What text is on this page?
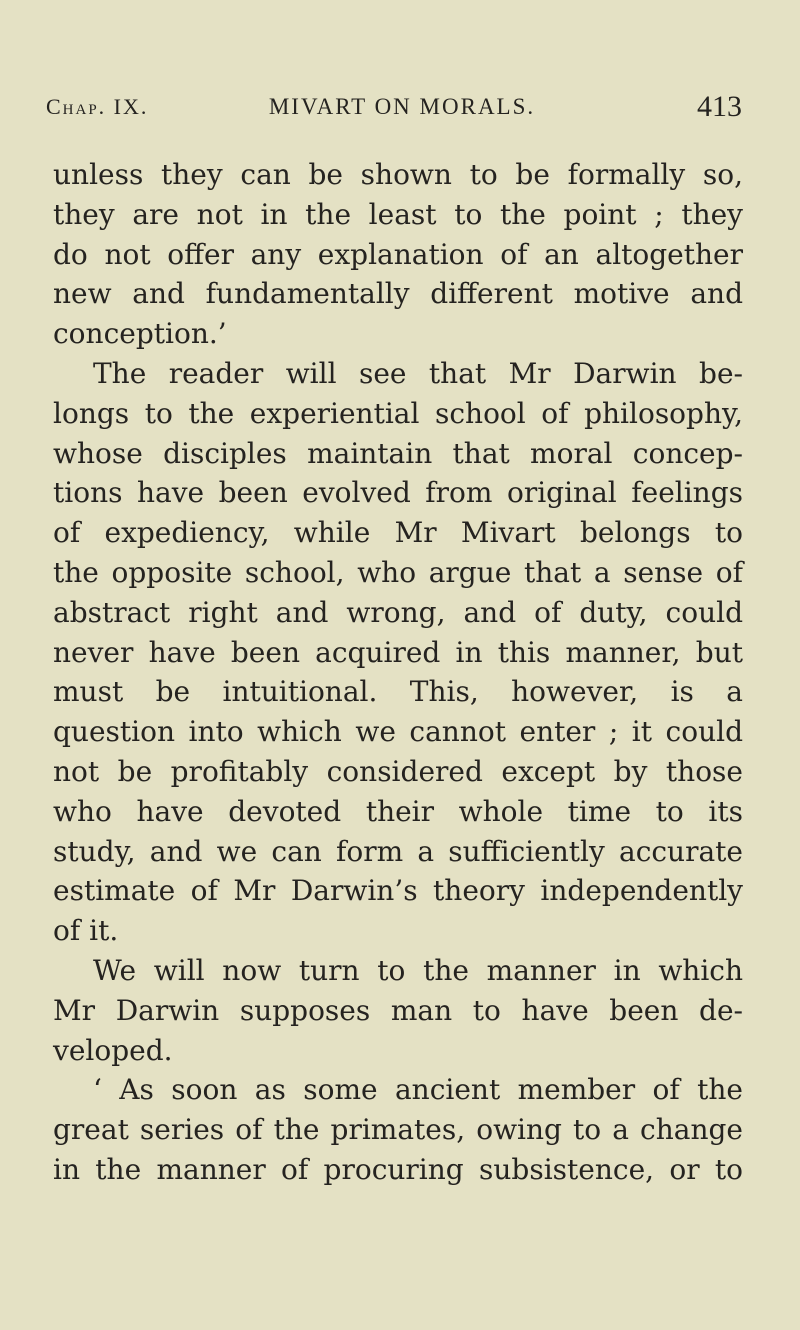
Chap. IX.	MIVART ON MORALS.	413
unless they can be shown to be formally so,
they are not in the least to the point ; they
do not offer any explanation of an altogether
new and fundamentally different motive and
conception.’
The reader will see that Mr Darwin be-
longs to the experiential school of philosophy,
whose disciples maintain that moral concep-
tions have been evolved from original feelings
of expediency, while Mr Mivart belongs to
the opposite school, who argue that a sense of
abstract right and wrong, and of duty, could
never have been acquired in this manner, but
must be intuitional. This, however, is a
question into which we cannot enter ; it could
not be profitably considered except by those
who have devoted their whole time to its
study, and we can form a sufficiently accurate
estimate of Mr Darwin’s theory independently
of it.
We will now turn to the manner in which
Mr Darwin supposes man to have been de-
veloped.
‘ As soon as some ancient member of the
great series of the primates, owing to a change
in the manner of procuring subsistence, or to
